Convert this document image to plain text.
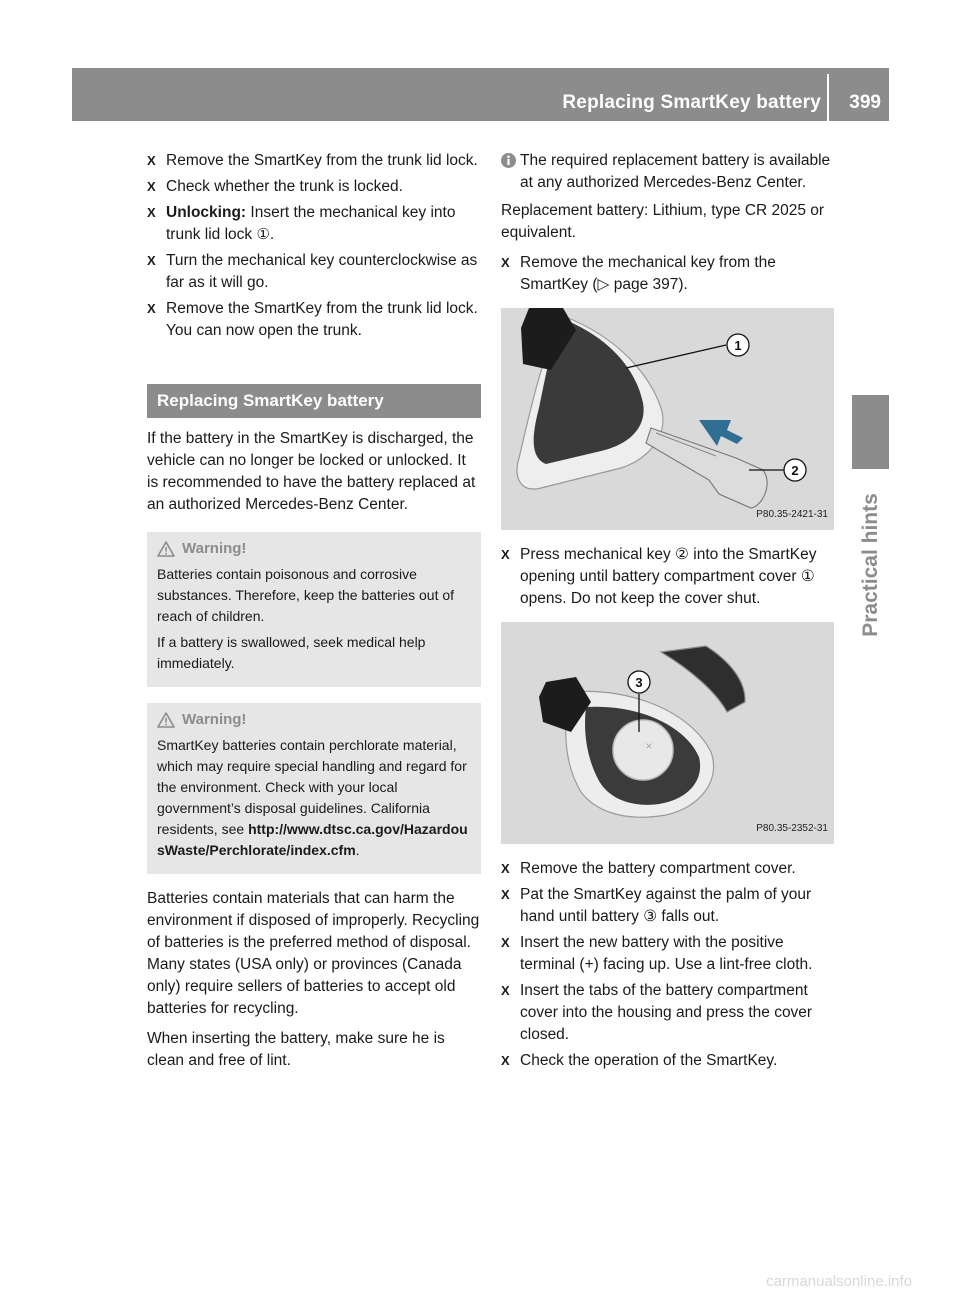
Replacing SmartKey battery 399
Practical hints
X Remove the SmartKey from the trunk lid lock.
X Check whether the trunk is locked.
X Unlocking: Insert the mechanical key into trunk lid lock ①.
X Turn the mechanical key counterclockwise as far as it will go.
X Remove the SmartKey from the trunk lid lock.
You can now open the trunk.
Replacing SmartKey battery

If the battery in the SmartKey is discharged, the vehicle can no longer be locked or unlocked. It is recommended to have the battery replaced at an authorized Mercedes-Benz Center.

Warning!

Batteries contain poisonous and corrosive substances. Therefore, keep the batteries out of reach of children.

If a battery is swallowed, seek medical help immediately.

Warning!

SmartKey batteries contain perchlorate material, which may require special handling and regard for the environment. Check with your local government’s disposal guidelines. California residents, see http://www.dtsc.ca.gov/HazardousWaste/Perchlorate/index.cfm.

Batteries contain materials that can harm the environment if disposed of improperly. Recycling of batteries is the preferred method of disposal. Many states (USA only) or provinces (Canada only) require sellers of batteries to accept old batteries for recycling.

When inserting the battery, make sure he is clean and free of lint.

The required replacement battery is available at any authorized Mercedes-Benz Center.

Replacement battery: Lithium, type CR 2025 or equivalent.

X Remove the mechanical key from the SmartKey (▷ page 397).
1
2
P80.35-2421-31
X Press mechanical key ② into the SmartKey opening until battery compartment cover ① opens. Do not keep the cover shut.
×
3
P80.35-2352-31
X Remove the battery compartment cover.
X Pat the SmartKey against the palm of your hand until battery ③ falls out.
X Insert the new battery with the positive terminal (+) facing up. Use a lint-free cloth.
X Insert the tabs of the battery compartment cover into the housing and press the cover closed.
X Check the operation of the SmartKey.
carmanualsonline.info
